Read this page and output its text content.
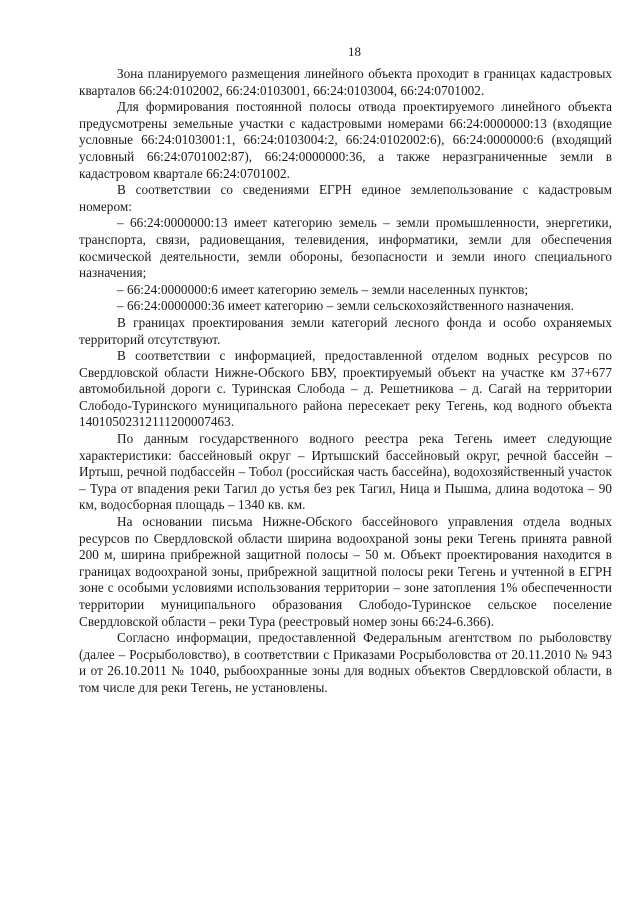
18

Зона планируемого размещения линейного объекта проходит в границах кадастровых кварталов 66:24:0102002, 66:24:0103001, 66:24:0103004, 66:24:0701002.

Для формирования постоянной полосы отвода проектируемого линейного объекта предусмотрены земельные участки с кадастровыми номерами 66:24:0000000:13 (входящие условные 66:24:0103001:1, 66:24:0103004:2, 66:24:0102002:6), 66:24:0000000:6 (входящий условный 66:24:0701002:87), 66:24:0000000:36, а также неразграниченные земли в кадастровом квартале 66:24:0701002.

В соответствии со сведениями ЕГРН единое землепользование с кадастровым номером:

– 66:24:0000000:13 имеет категорию земель – земли промышленности, энергетики, транспорта, связи, радиовещания, телевидения, информатики, земли для обеспечения космической деятельности, земли обороны, безопасности и земли иного специального назначения;

– 66:24:0000000:6 имеет категорию земель – земли населенных пунктов;

– 66:24:0000000:36 имеет категорию – земли сельскохозяйственного назначения.

В границах проектирования земли категорий лесного фонда и особо охраняемых территорий отсутствуют.

В соответствии с информацией, предоставленной отделом водных ресурсов по Свердловской области Нижне-Обского БВУ, проектируемый объект на участке км 37+677 автомобильной дороги с. Туринская Слобода – д. Решетникова – д. Сагай на территории Слободо-Туринского муниципального района пересекает реку Тегень, код водного объекта 14010502312111200007463.

По данным государственного водного реестра река Тегень имеет следующие характеристики: бассейновый округ – Иртышский бассейновый округ, речной бассейн – Иртыш, речной подбассейн – Тобол (российская часть бассейна), водохозяйственный участок – Тура от впадения реки Тагил до устья без рек Тагил, Ница и Пышма, длина водотока – 90 км, водосборная площадь – 1340 кв. км.

На основании письма Нижне-Обского бассейнового управления отдела водных ресурсов по Свердловской области ширина водоохраной зоны реки Тегень принята равной 200 м, ширина прибрежной защитной полосы – 50 м. Объект проектирования находится в границах водоохраной зоны, прибрежной защитной полосы реки Тегень и учтенной в ЕГРН зоне с особыми условиями использования территории – зоне затопления 1% обеспеченности территории муниципального образования Слободо-Туринское сельское поселение Свердловской области – реки Тура (реестровый номер зоны 66:24-6.366).

Согласно информации, предоставленной Федеральным агентством по рыболовству (далее – Росрыболовство), в соответствии с Приказами Росрыболовства от 20.11.2010 № 943 и от 26.10.2011 № 1040, рыбоохранные зоны для водных объектов Свердловской области, в том числе для реки Тегень, не установлены.
